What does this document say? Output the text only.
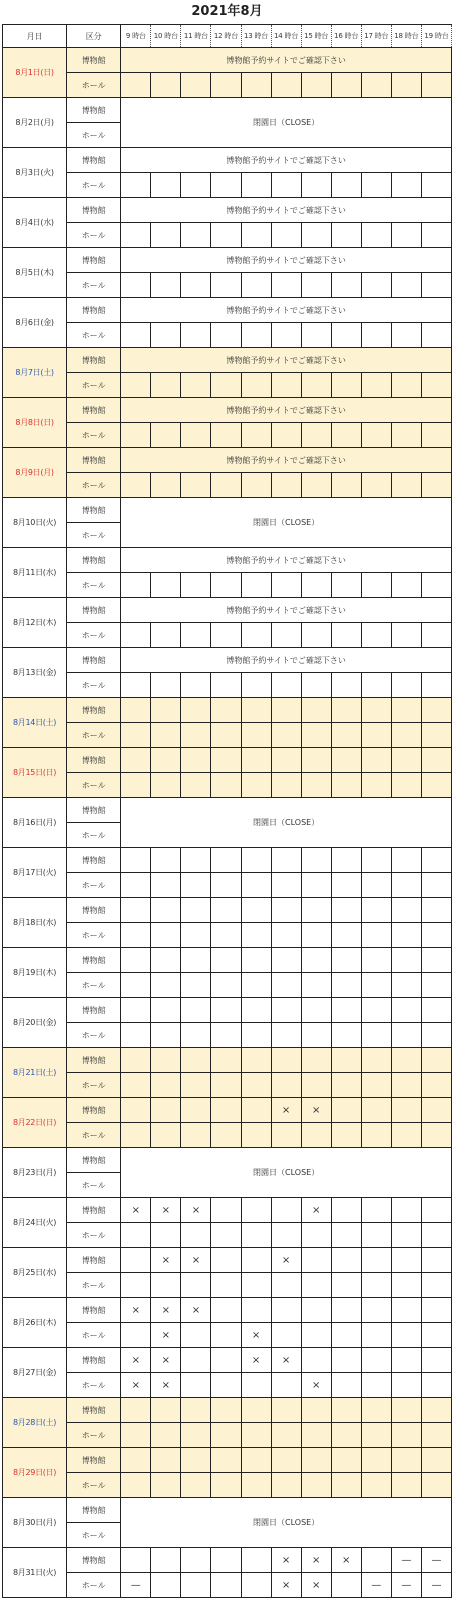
2021年8月
月日	区分	9 時台	10 時台	11 時台	12 時台	13 時台	14 時台	15 時台	16 時台	17 時台	18 時台	19 時台
8月1日(日)	博物館	博物館予約サイトでご確認下さい										
	ホール											
8月2日(月)	博物館	閉園日（CLOSE）										
	ホール											
8月3日(火)	博物館	博物館予約サイトでご確認下さい										
	ホール											
8月4日(水)	博物館	博物館予約サイトでご確認下さい										
	ホール											
8月5日(木)	博物館	博物館予約サイトでご確認下さい										
	ホール											
8月6日(金)	博物館	博物館予約サイトでご確認下さい										
	ホール											
8月7日(土)	博物館	博物館予約サイトでご確認下さい										
	ホール											
8月8日(日)	博物館	博物館予約サイトでご確認下さい										
	ホール											
8月9日(月)	博物館	博物館予約サイトでご確認下さい										
	ホール											
8月10日(火)	博物館	閉園日（CLOSE）										
	ホール											
8月11日(水)	博物館	博物館予約サイトでご確認下さい										
	ホール											
8月12日(木)	博物館	博物館予約サイトでご確認下さい										
	ホール											
8月13日(金)	博物館	博物館予約サイトでご確認下さい										
	ホール											
8月14日(土)	博物館											
	ホール											
8月15日(日)	博物館											
	ホール											
8月16日(月)	博物館	閉園日（CLOSE）										
	ホール											
8月17日(火)	博物館											
	ホール											
8月18日(水)	博物館											
	ホール											
8月19日(木)	博物館											
	ホール											
8月20日(金)	博物館											
	ホール											
8月21日(土)	博物館											
	ホール											
8月22日(日)	博物館						×	×				
	ホール											
8月23日(月)	博物館	閉園日（CLOSE）										
	ホール											
8月24日(火)	博物館	×	×	×				×				
	ホール											
8月25日(水)	博物館		×	×			×					
	ホール											
8月26日(木)	博物館	×	×	×								
	ホール		×			×						
8月27日(金)	博物館	×	×			×	×					
	ホール	×	×					×				
8月28日(土)	博物館											
	ホール											
8月29日(日)	博物館											
	ホール											
8月30日(月)	博物館	閉園日（CLOSE）										
	ホール											
8月31日(火)	博物館						×	×	×		—	—
	ホール	—					×	×		—	—	—
